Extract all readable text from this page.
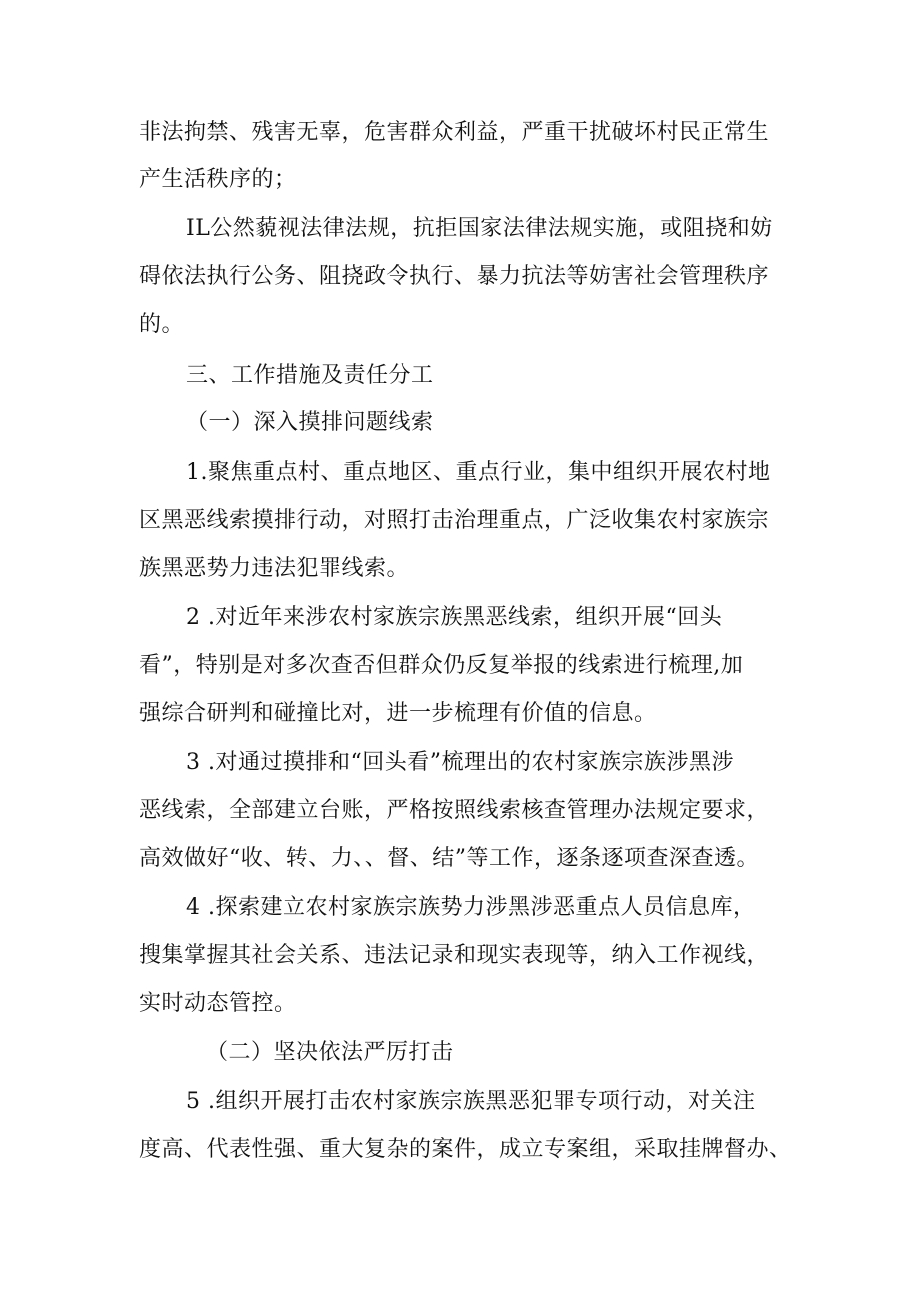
非法拘禁、残害无辜，危害群众利益，严重干扰破坏村民正常生
产生活秩序的；
IL公然藐视法律法规，抗拒国家法律法规实施，或阻挠和妨
碍依法执行公务、阻挠政令执行、暴力抗法等妨害社会管理秩序
的。
三、工作措施及责任分工
（一）深入摸排问题线索
1.聚焦重点村、重点地区、重点行业，集中组织开展农村地
区黑恶线索摸排行动，对照打击治理重点，广泛收集农村家族宗
族黑恶势力违法犯罪线索。
2 .对近年来涉农村家族宗族黑恶线索，组织开展“回头
看”，特别是对多次查否但群众仍反复举报的线索进行梳理,加
强综合研判和碰撞比对，进一步梳理有价值的信息。
3 .对通过摸排和“回头看”梳理出的农村家族宗族涉黑涉
恶线索，全部建立台账，严格按照线索核查管理办法规定要求，
高效做好“收、转、力、、督、结”等工作，逐条逐项查深查透。
4 .探索建立农村家族宗族势力涉黑涉恶重点人员信息库，
搜集掌握其社会关系、违法记录和现实表现等，纳入工作视线，
实时动态管控。
（二）坚决依法严厉打击
5 .组织开展打击农村家族宗族黑恶犯罪专项行动，对关注
度高、代表性强、重大复杂的案件，成立专案组，采取挂牌督办、
